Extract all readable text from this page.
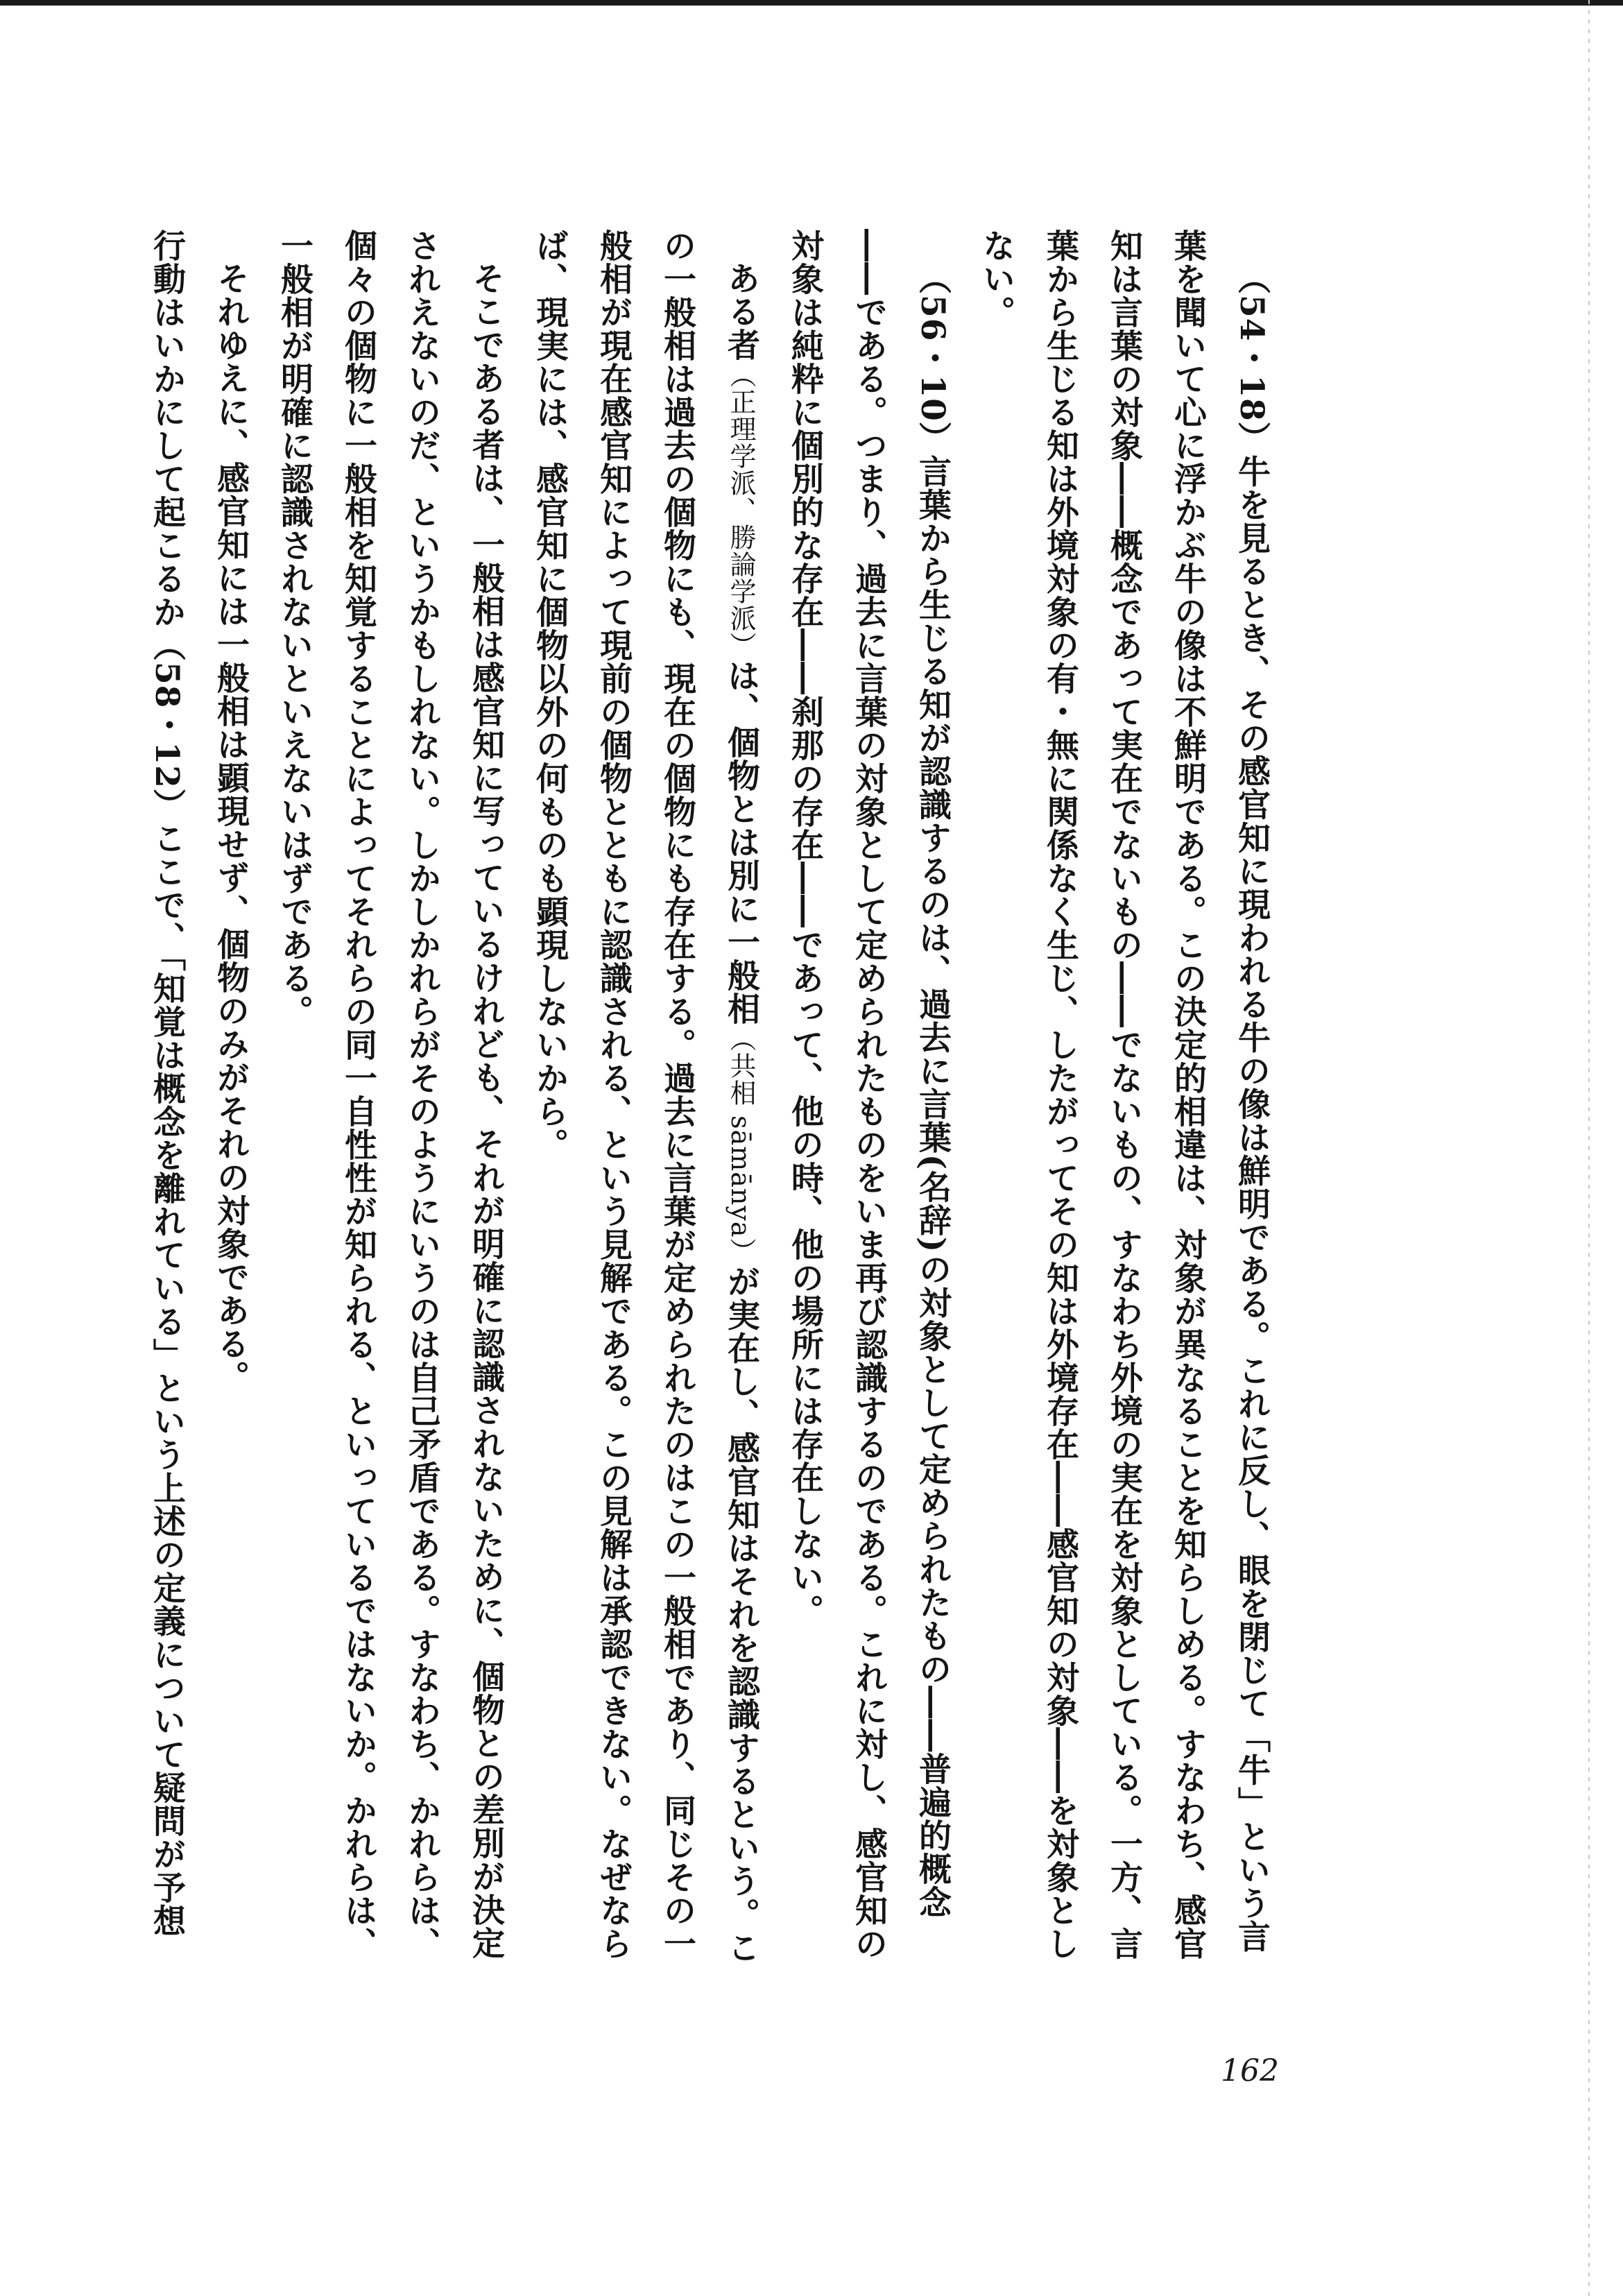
（54・18）牛を見るとき、その感官知に現われる牛の像は鮮明である。これに反し、眼を閉じて「牛」という言葉を聞いて心に浮かぶ牛の像は不鮮明である。この決定的相違は、対象が異なることを知らしめる。すなわち、感官知は言葉の対象――概念であって実在でないもの――でないもの、すなわち外境の実在を対象としている。一方、言葉から生じる知は外境対象の有・無に関係なく生じ、したがってその知は外境存在――感官知の対象――を対象としない。

（56・10）言葉から生じる知が認識するのは、過去に言葉(名辞)の対象として定められたもの――普遍的概念――である。つまり、過去に言葉の対象として定められたものをいま再び認識するのである。これに対し、感官知の対象は純粋に個別的な存在――刹那の存在――であって、他の時、他の場所には存在しない。

ある者（正理学派、勝論学派）は、個物とは別に一般相（共相 sāmānya）が実在し、感官知はそれを認識するという。この一般相は過去の個物にも、現在の個物にも存在する。過去に言葉が定められたのはこの一般相であり、同じその一般相が現在感官知によって現前の個物とともに認識される、という見解である。この見解は承認できない。なぜならば、現実には、感官知に個物以外の何ものも顕現しないから。

そこである者は、一般相は感官知に写っているけれども、それが明確に認識されないために、個物との差別が決定されえないのだ、というかもしれない。しかしかれらがそのようにいうのは自己矛盾である。すなわち、かれらは、個々の個物に一般相を知覚することによってそれらの同一自性性が知られる、といっているではないか。かれらは、一般相が明確に認識されないといえないはずである。

それゆえに、感官知には一般相は顕現せず、個物のみがそれの対象である。

行動はいかにして起こるか（58・12）ここで、「知覚は概念を離れている」という上述の定義について疑問が予想

162
